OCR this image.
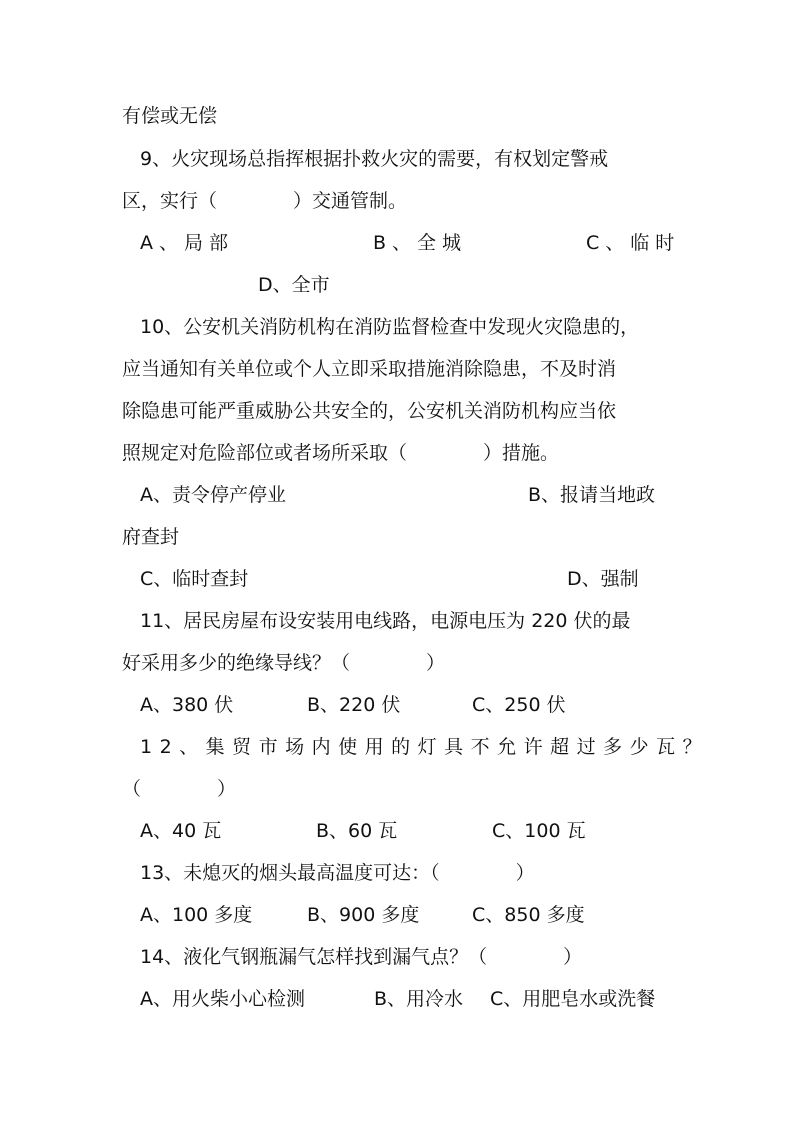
有偿或无偿
9、火灾现场总指挥根据扑救火灾的需要，有权划定警戒
区，实行（　　　　）交通管制。
A、局部	B、全城	C、临时
D、全市
10、公安机关消防机构在消防监督检查中发现火灾隐患的，
应当通知有关单位或个人立即采取措施消除隐患，不及时消
除隐患可能严重威胁公共安全的，公安机关消防机构应当依
照规定对危险部位或者场所采取（　　　　）措施。
A、责令停产停业	B、报请当地政
府查封
C、临时查封	D、强制
11、居民房屋布设安装用电线路，电源电压为 220 伏的最
好采用多少的绝缘导线？（　　　　）
A、380 伏	B、220 伏	C、250 伏
12、集贸市场内使用的灯具不允许超过多少瓦？
（　　　　）
A、40 瓦	B、60 瓦	C、100 瓦
13、未熄灭的烟头最高温度可达：（　　　　）
A、100 多度	B、900 多度	C、850 多度
14、液化气钢瓶漏气怎样找到漏气点？（　　　　）
A、用火柴小心检测	B、用冷水 C、用肥皂水或洗餐
